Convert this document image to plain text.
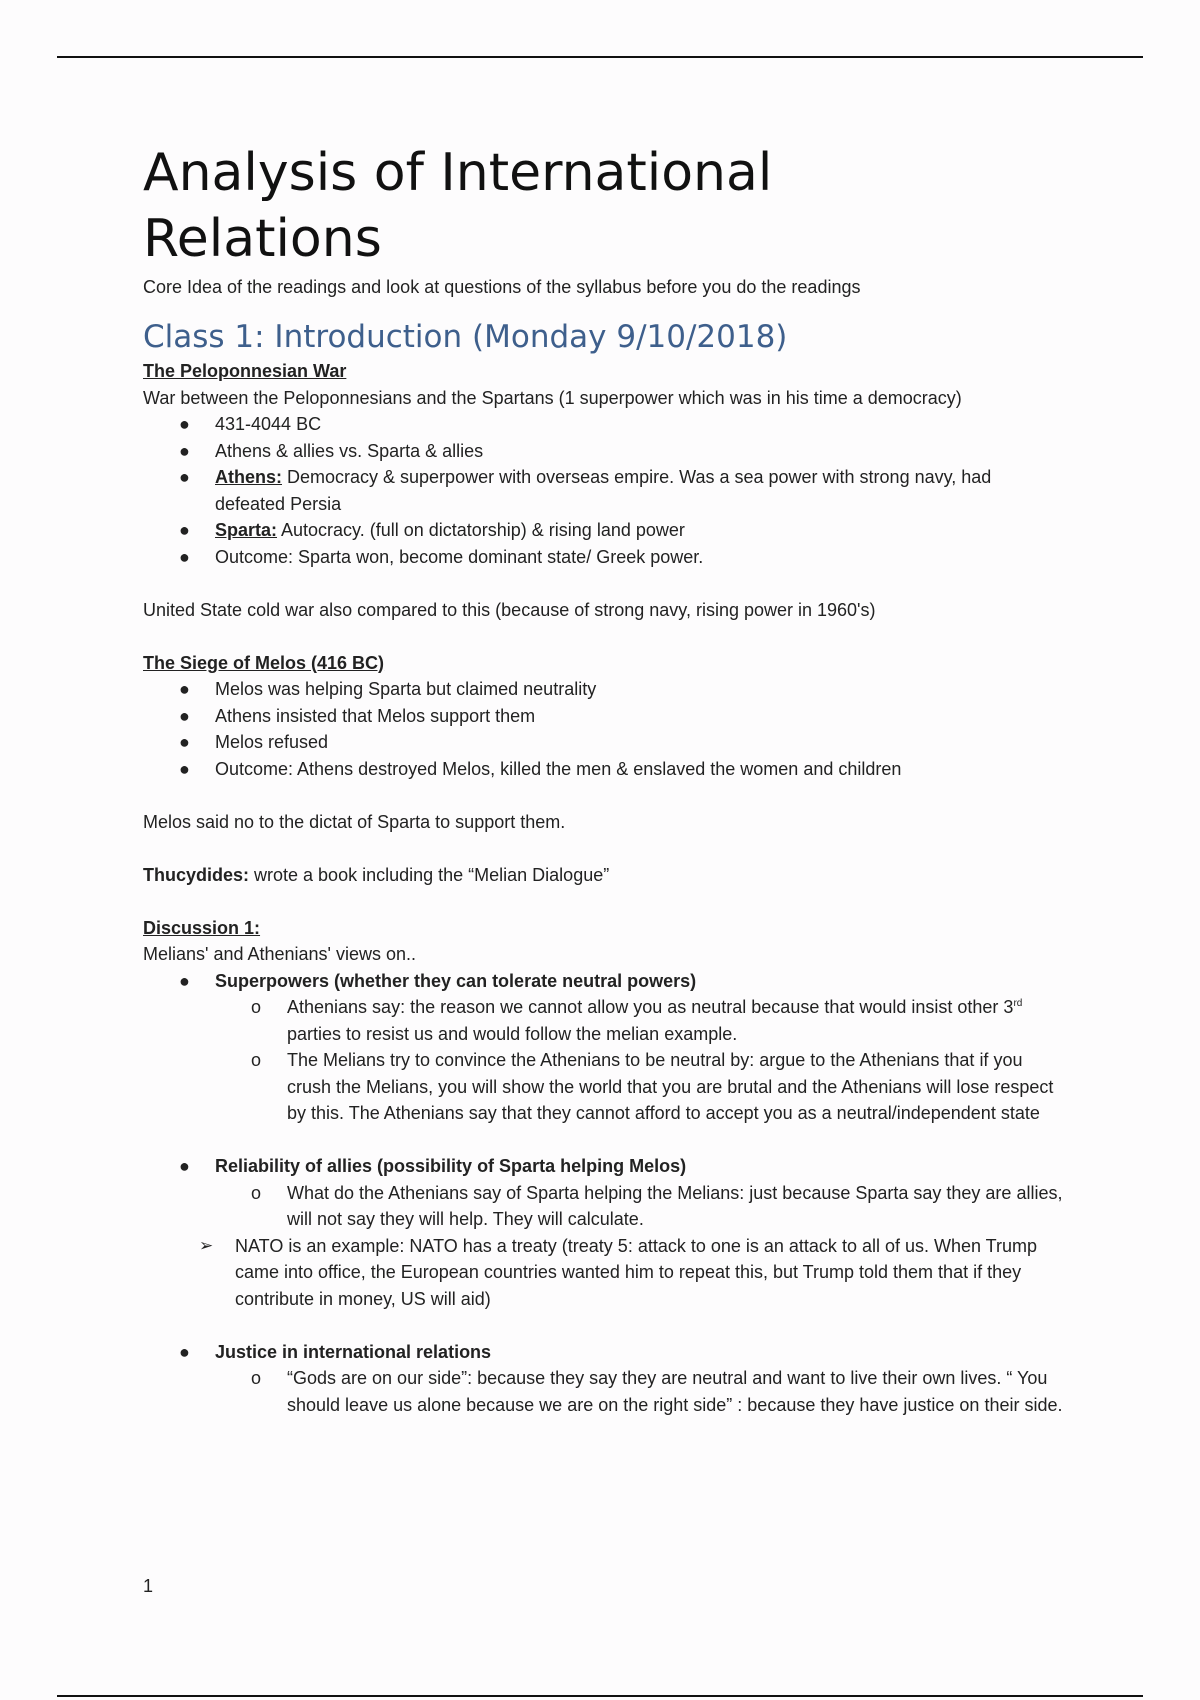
Analysis of International Relations
Core Idea of the readings and look at questions of the syllabus before you do the readings
Class 1: Introduction (Monday 9/10/2018)
The Peloponnesian War

War between the Peloponnesians and the Spartans (1 superpower which was in his time a democracy)

● 431-4044 BC
● Athens & allies vs. Sparta & allies
● Athens: Democracy & superpower with overseas empire. Was a sea power with strong navy, had defeated Persia
● Sparta: Autocracy. (full on dictatorship) & rising land power
● Outcome: Sparta won, become dominant state/ Greek power.

United State cold war also compared to this (because of strong navy, rising power in 1960's)

The Siege of Melos (416 BC)
● Melos was helping Sparta but claimed neutrality
● Athens insisted that Melos support them
● Melos refused
● Outcome: Athens destroyed Melos, killed the men & enslaved the women and children

Melos said no to the dictat of Sparta to support them.

Thucydides: wrote a book including the “Melian Dialogue”

Discussion 1:

Melians' and Athenians' views on..

● Superpowers (whether they can tolerate neutral powers)
o Athenians say: the reason we cannot allow you as neutral because that would insist other 3rd parties to resist us and would follow the melian example.
o The Melians try to convince the Athenians to be neutral by: argue to the Athenians that if you crush the Melians, you will show the world that you are brutal and the Athenians will lose respect by this. The Athenians say that they cannot afford to accept you as a neutral/independent state
● Reliability of allies (possibility of Sparta helping Melos)
o What do the Athenians say of Sparta helping the Melians: just because Sparta say they are allies, will not say they will help. They will calculate.
➢ NATO is an example: NATO has a treaty (treaty 5: attack to one is an attack to all of us. When Trump came into office, the European countries wanted him to repeat this, but Trump told them that if they contribute in money, US will aid)
● Justice in international relations
o “Gods are on our side”: because they say they are neutral and want to live their own lives. “ You should leave us alone because we are on the right side” : because they have justice on their side.
1
